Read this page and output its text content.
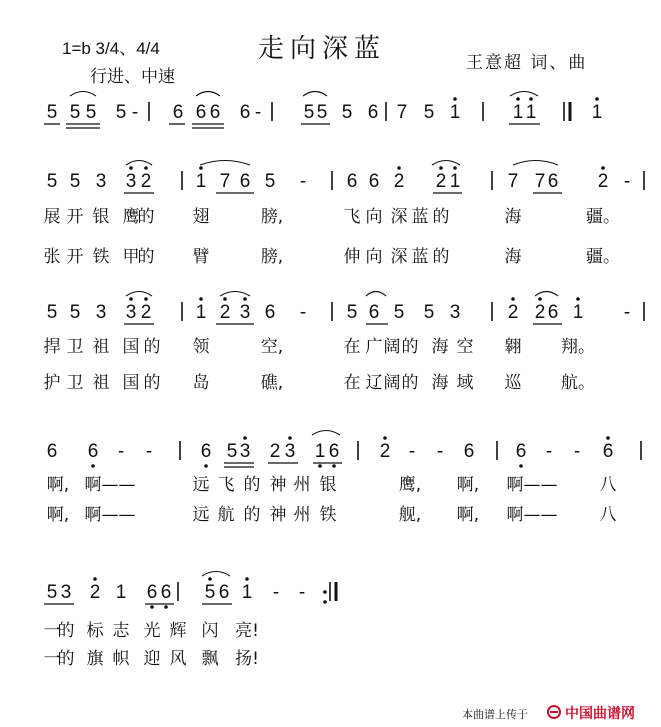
1=b 3/4、4/4	走向深蓝	王意超 词、曲
行进、中速
5 5 5 5 - 6 6 6 6 - 5 5 5 6 7 5 1	1 1	1
5 5 3 3 2 1 7 6 5 - 6 6 2 2 1 7 7 6 2 -
5 5 3 3 2 1 2 3 6 - 5 6 5 5 3 2 2 6 1 -
6 6 - -	6 5 3 2 3 1 6 2 - - 6 6 - - 6
5 3 2 1 6 6 5 6 1 - -
展 开 银 鹰
的 翅	膀,	飞 向 深 蓝 的	海	疆。
张 开 铁 甲
的 臂	膀,	伸 向 深 蓝 的	海	疆。
捍 卫 祖 国 的 领	空,	在 广 阔 的 海 空 翱 翔。
护 卫 祖 国 的 岛	礁,	在 辽 阔 的 海 域 巡 航。
啊, 啊——	远 飞 的 神 州 银	鹰, 啊, 啊—— 八
啊, 啊——	远 航 的 神 州 铁	舰, 啊, 啊—— 八
一
的 标 志 光 辉 闪 亮!
一
的 旗 帜 迎 风 飘 扬!
本曲谱上传于	中国曲谱网
